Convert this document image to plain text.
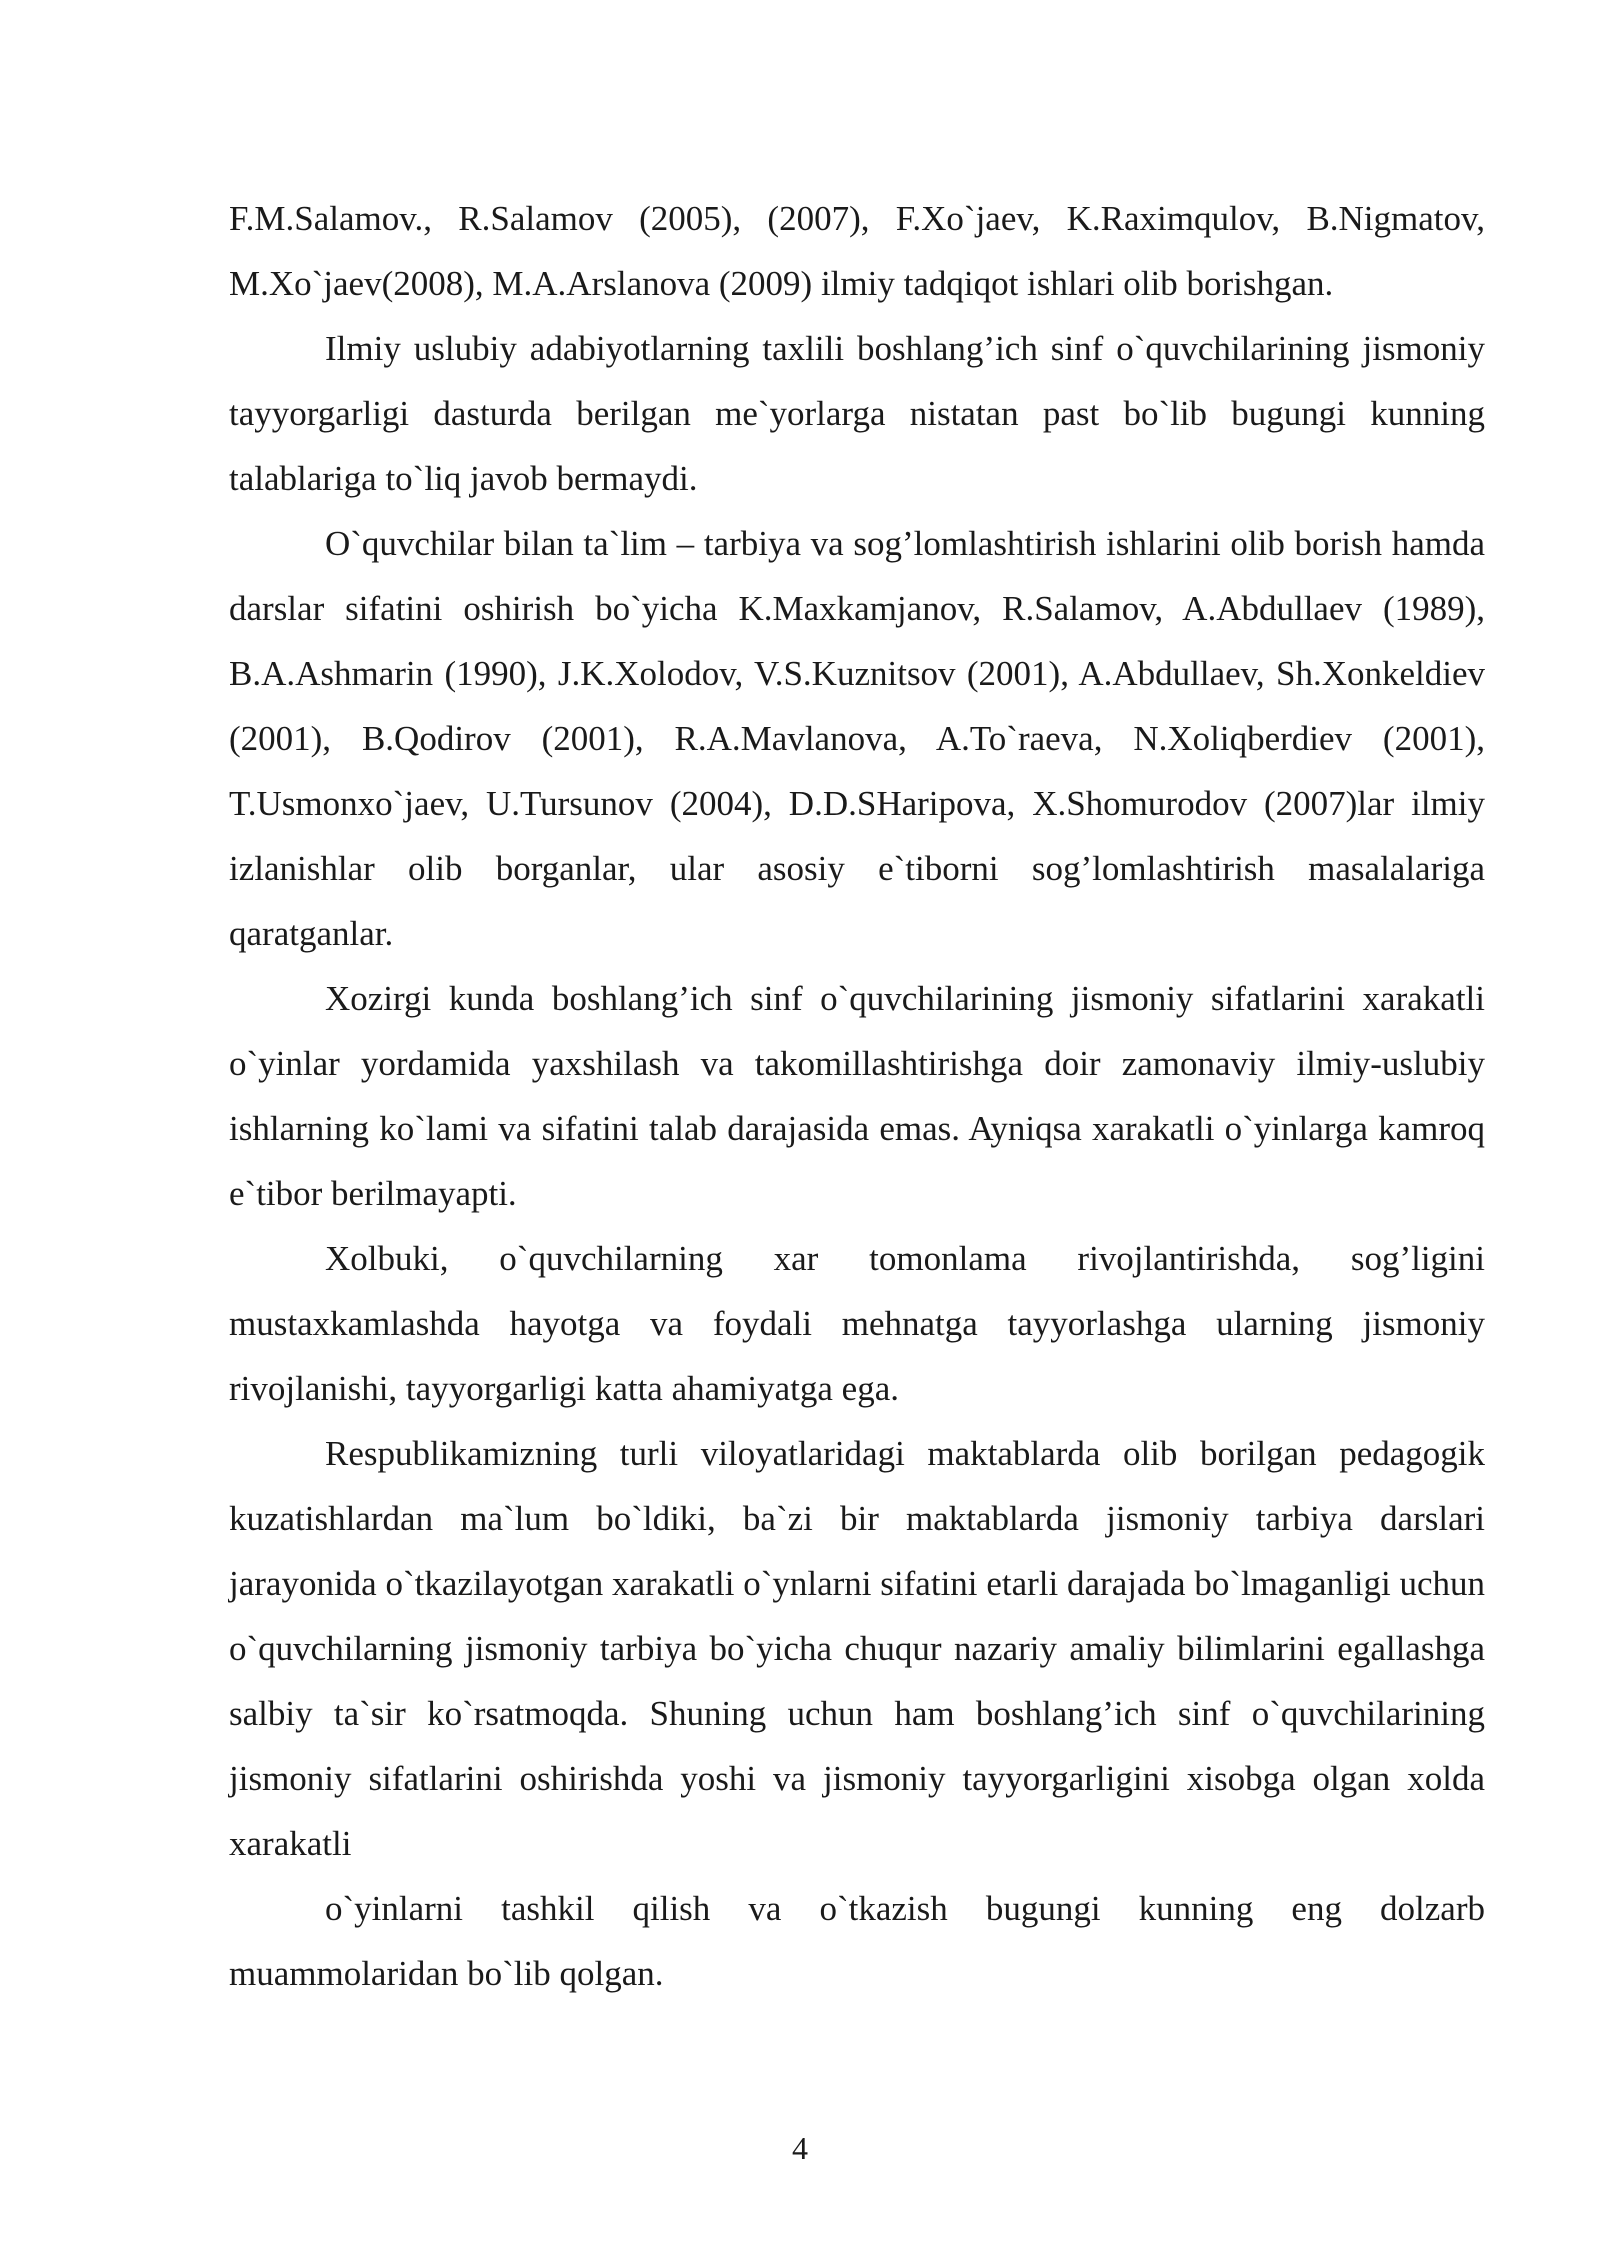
F.M.Salamov., R.Salamov (2005), (2007), F.Xo`jaev, K.Raximqulov, B.Nigmatov, M.Xo`jaev(2008), M.A.Arslanova (2009) ilmiy tadqiqot ishlari olib borishgan.

Ilmiy uslubiy adabiyotlarning taxlili boshlang’ich sinf o`quvchilarining jismoniy tayyorgarligi dasturda berilgan me`yorlarga nistatan past bo`lib bugungi kunning talablariga to`liq javob bermaydi.

O`quvchilar bilan ta`lim – tarbiya va sog’lomlashtirish ishlarini olib borish hamda darslar sifatini oshirish bo`yicha K.Maxkamjanov, R.Salamov, A.Abdullaev (1989), B.A.Ashmarin (1990), J.K.Xolodov, V.S.Kuznitsov (2001), A.Abdullaev, Sh.Xonkeldiev (2001), B.Qodirov (2001), R.A.Mavlanova, A.To`raeva, N.Xoliqberdiev (2001), T.Usmonxo`jaev, U.Tursunov (2004), D.D.SHaripova, X.Shomurodov (2007)lar ilmiy izlanishlar olib borganlar, ular asosiy e`tiborni sog’lomlashtirish masalalariga qaratganlar.

Xozirgi kunda boshlang’ich sinf o`quvchilarining jismoniy sifatlarini xarakatli o`yinlar yordamida yaxshilash va takomillashtirishga doir zamonaviy ilmiy-uslubiy ishlarning ko`lami va sifatini talab darajasida emas. Ayniqsa xarakatli o`yinlarga kamroq e`tibor berilmayapti.

Xolbuki, o`quvchilarning xar tomonlama rivojlantirishda, sog’ligini mustaxkamlashda hayotga va foydali mehnatga tayyorlashga ularning jismoniy rivojlanishi, tayyorgarligi katta ahamiyatga ega.

Respublikamizning turli viloyatlaridagi maktablarda olib borilgan pedagogik kuzatishlardan ma`lum bo`ldiki, ba`zi bir maktablarda jismoniy tarbiya darslari jarayonida o`tkazilayotgan xarakatli o`ynlarni sifatini etarli darajada bo`lmaganligi uchun o`quvchilarning jismoniy tarbiya bo`yicha chuqur nazariy amaliy bilimlarini egallashga salbiy ta`sir ko`rsatmoqda. Shuning uchun ham boshlang’ich sinf o`quvchilarining jismoniy sifatlarini oshirishda yoshi va jismoniy tayyorgarligini xisobga olgan xolda xarakatli

o`yinlarni tashkil qilish va o`tkazish bugungi kunning eng dolzarb muammolaridan bo`lib qolgan.

4
